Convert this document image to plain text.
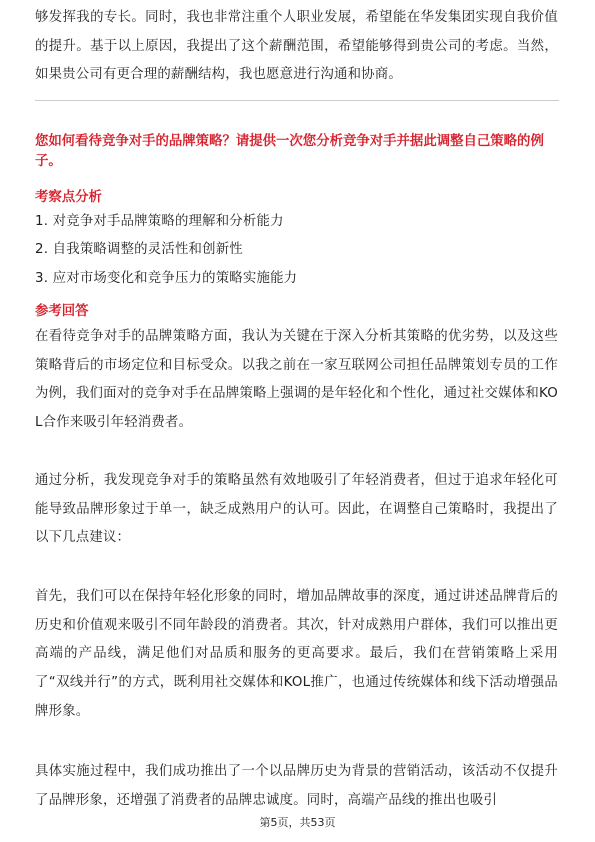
够发挥我的专长。同时，我也非常注重个人职业发展，希望能在华发集团实现自我价值的提升。基于以上原因，我提出了这个薪酬范围，希望能够得到贵公司的考虑。当然，如果贵公司有更合理的薪酬结构，我也愿意进行沟通和协商。
您如何看待竞争对手的品牌策略？请提供一次您分析竞争对手并据此调整自己策略的例子。
考察点分析
1. 对竞争对手品牌策略的理解和分析能力
2. 自我策略调整的灵活性和创新性
3. 应对市场变化和竞争压力的策略实施能力
参考回答
在看待竞争对手的品牌策略方面，我认为关键在于深入分析其策略的优劣势，以及这些策略背后的市场定位和目标受众。以我之前在一家互联网公司担任品牌策划专员的工作为例，我们面对的竞争对手在品牌策略上强调的是年轻化和个性化，通过社交媒体和KOL合作来吸引年轻消费者。
通过分析，我发现竞争对手的策略虽然有效地吸引了年轻消费者，但过于追求年轻化可能导致品牌形象过于单一，缺乏成熟用户的认可。因此，在调整自己策略时，我提出了以下几点建议：
首先，我们可以在保持年轻化形象的同时，增加品牌故事的深度，通过讲述品牌背后的历史和价值观来吸引不同年龄段的消费者。其次，针对成熟用户群体，我们可以推出更高端的产品线，满足他们对品质和服务的更高要求。最后，我们在营销策略上采用了“双线并行”的方式，既利用社交媒体和KOL推广，也通过传统媒体和线下活动增强品牌形象。
具体实施过程中，我们成功推出了一个以品牌历史为背景的营销活动，该活动不仅提升了品牌形象，还增强了消费者的品牌忠诚度。同时，高端产品线的推出也吸引
第5页，共53页
